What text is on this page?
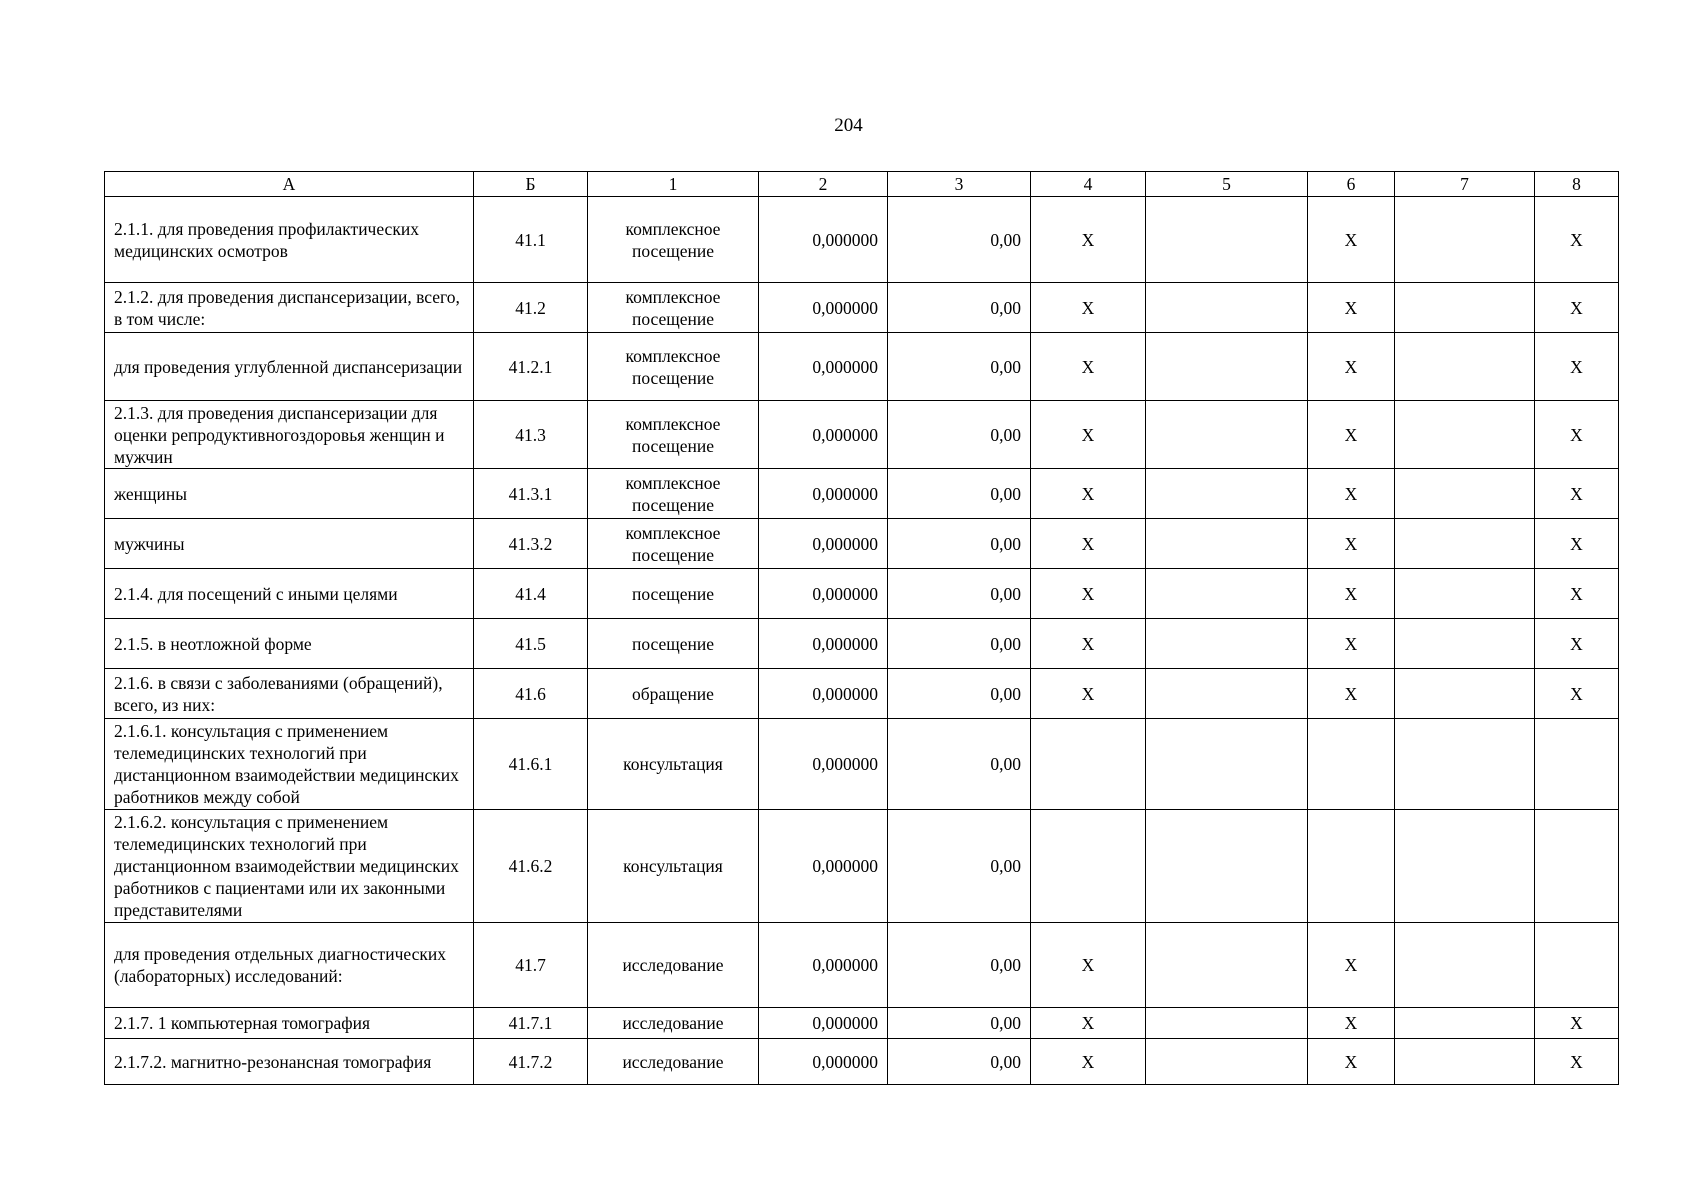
204
А	Б	1	2	3	4	5	6	7	8
2.1.1. для проведения профилактических медицинских осмотров	41.1	комплексное посещение	0,000000	0,00	X		X		X
2.1.2. для проведения диспансеризации, всего, в том числе:	41.2	комплексное посещение	0,000000	0,00	X		X		X
для проведения углубленной диспансеризации	41.2.1	комплексное посещение	0,000000	0,00	X		X		X
2.1.3. для проведения диспансеризации для оценки репродуктивногоздоровья женщин и мужчин	41.3	комплексное посещение	0,000000	0,00	X		X		X
женщины	41.3.1	комплексное посещение	0,000000	0,00	X		X		X
мужчины	41.3.2	комплексное посещение	0,000000	0,00	X		X		X
2.1.4. для посещений с иными целями	41.4	посещение	0,000000	0,00	X		X		X
2.1.5. в неотложной форме	41.5	посещение	0,000000	0,00	X		X		X
2.1.6. в связи с заболеваниями (обращений), всего, из них:	41.6	обращение	0,000000	0,00	X		X		X
2.1.6.1. консультация с применением телемедицинских технологий при дистанционном взаимодействии медицинских работников между собой	41.6.1	консультация	0,000000	0,00					
2.1.6.2. консультация с применением телемедицинских технологий при дистанционном взаимодействии медицинских работников с пациентами или их законными представителями	41.6.2	консультация	0,000000	0,00					
для проведения отдельных диагностических (лабораторных) исследований:	41.7	исследование	0,000000	0,00	X		X		
2.1.7. 1 компьютерная томография	41.7.1	исследование	0,000000	0,00	X		X		X
2.1.7.2. магнитно-резонансная томография	41.7.2	исследование	0,000000	0,00	X		X		X
